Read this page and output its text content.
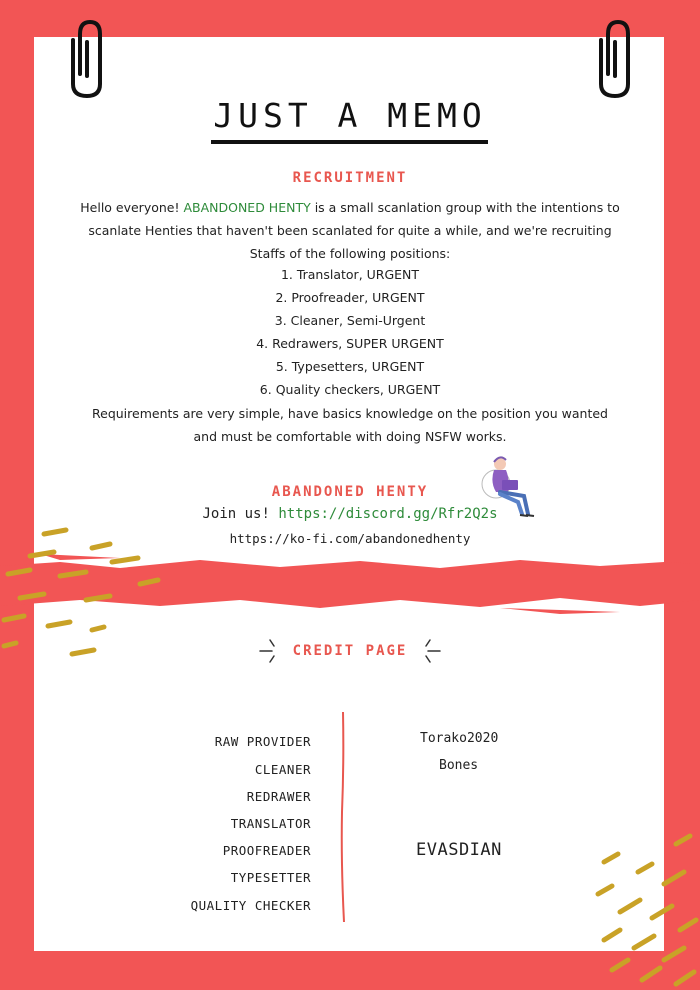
JUST A MEMO
RECRUITMENT
Hello everyone! ABANDONED HENTY is a small scanlation group with the intentions to
scanlate Henties that haven't been scanlated for quite a while, and we're recruiting
Staffs of the following positions:
1. Translator, URGENT
2. Proofreader, URGENT
3. Cleaner, Semi-Urgent
4. Redrawers, SUPER URGENT
5. Typesetters, URGENT
6. Quality checkers, URGENT
Requirements are very simple, have basics knowledge on the position you wanted
and must be comfortable with doing NSFW works.
ABANDONED HENTY
Join us! https://discord.gg/Rfr2Q2s
https://ko-fi.com/abandonedhenty
CREDIT PAGE
RAW PROVIDER
CLEANER
REDRAWER
TRANSLATOR
PROOFREADER
TYPESETTER
QUALITY CHECKER
Torako2020
Bones
EVASDIAN
